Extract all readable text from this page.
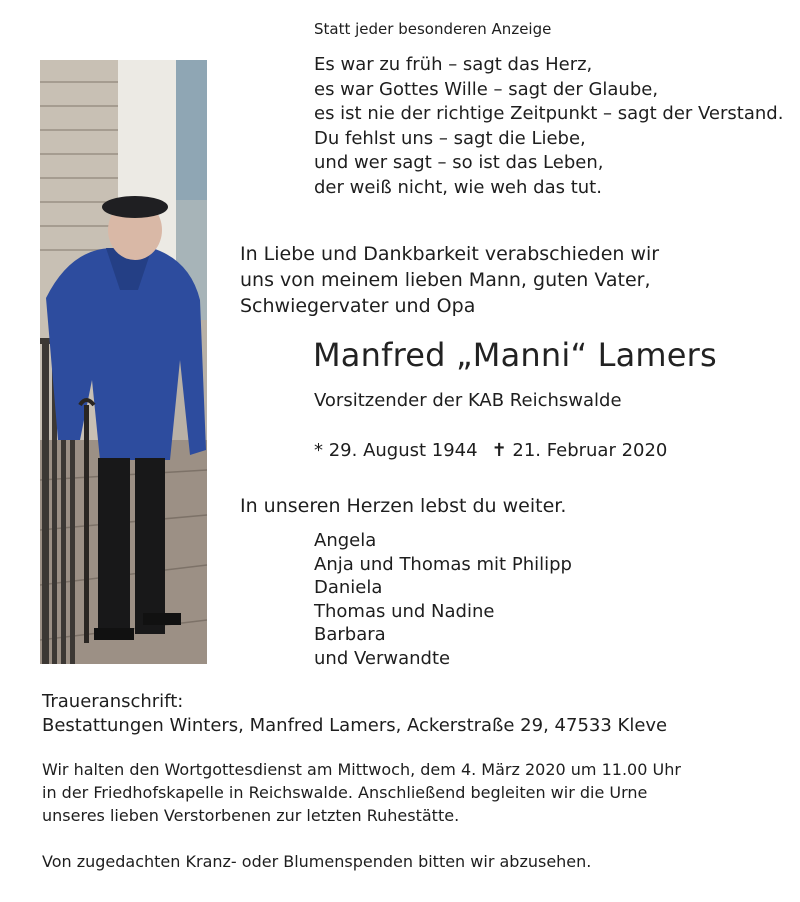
Statt jeder besonderen Anzeige
Es war zu früh – sagt das Herz,
es war Gottes Wille – sagt der Glaube,
es ist nie der richtige Zeitpunkt – sagt der Verstand.
Du fehlst uns – sagt die Liebe,
und wer sagt – so ist das Leben,
der weiß nicht, wie weh das tut.
In Liebe und Dankbarkeit verabschieden wir
uns von meinem lieben Mann, guten Vater,
Schwiegervater und Opa
Manfred „Manni“ Lamers
Vorsitzender der KAB Reichswalde
* 29. August 1944 ✝ 21. Februar 2020
In unseren Herzen lebst du weiter.
Angela
Anja und Thomas mit Philipp
Daniela
Thomas und Nadine
Barbara
und Verwandte
Traueranschrift:
Bestattungen Winters, Manfred Lamers, Ackerstraße 29, 47533 Kleve
Wir halten den Wortgottesdienst am Mittwoch, dem 4. März 2020 um 11.00 Uhr
in der Friedhofskapelle in Reichswalde. Anschließend begleiten wir die Urne
unseres lieben Verstorbenen zur letzten Ruhestätte.
Von zugedachten Kranz- oder Blumenspenden bitten wir abzusehen.
